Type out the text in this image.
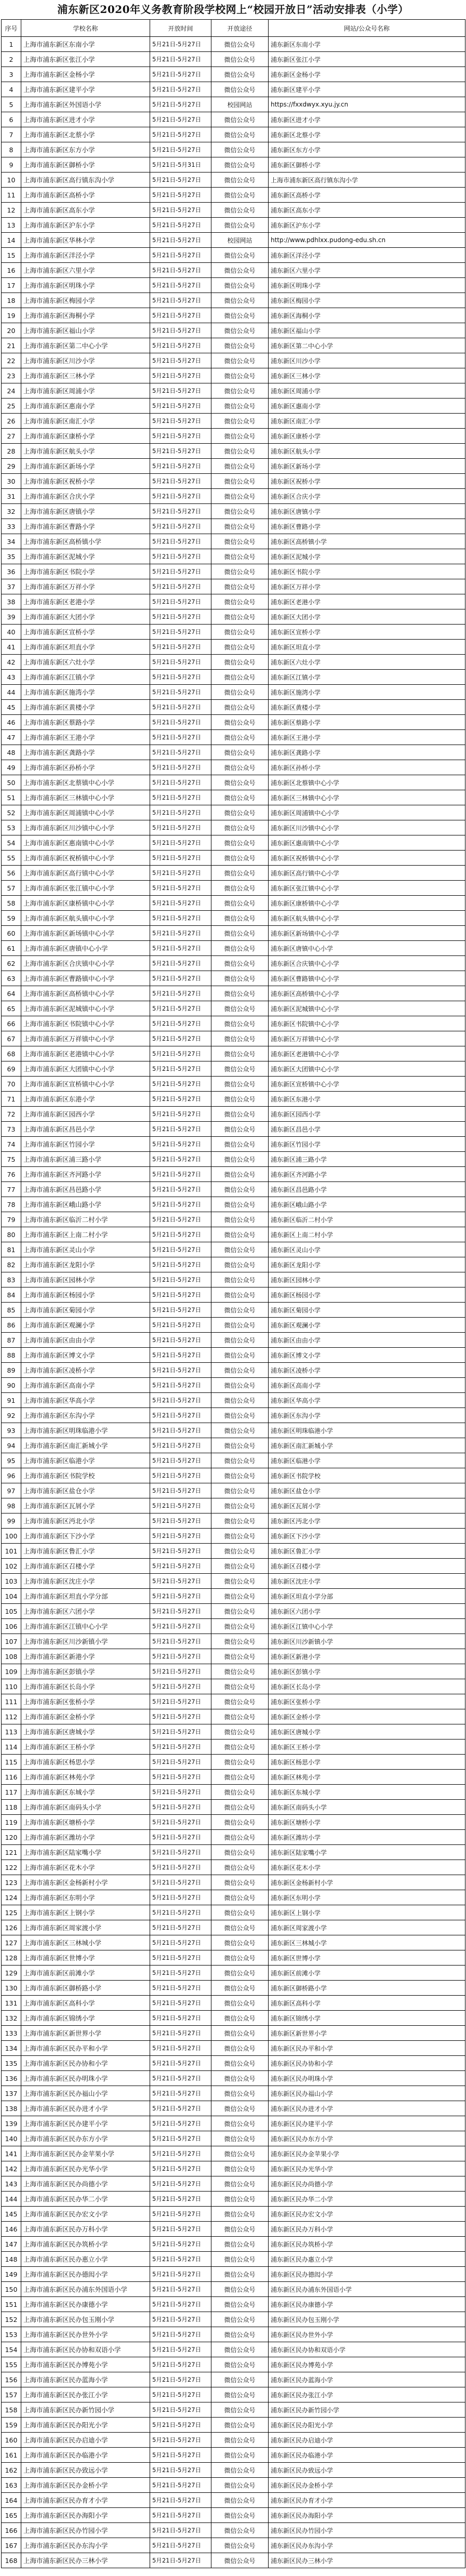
浦东新区2020年义务教育阶段学校网上“校园开放日”活动安排表（小学）
序号	学校名称	开放时间	开放途径	网站/公众号名称
1	上海市浦东新区东南小学	5月21日-5月27日	微信公众号	浦东新区东南小学
2	上海市浦东新区张江小学	5月21日-5月27日	微信公众号	浦东新区张江小学
3	上海市浦东新区金杨小学	5月21日-5月27日	微信公众号	浦东新区金杨小学
4	上海市浦东新区建平小学	5月21日-5月27日	微信公众号	浦东新区建平小学
5	上海市浦东新区外国语小学	5月21日-5月27日	校园网站	https://fxxdwyx.xyu.jy.cn
6	上海市浦东新区进才小学	5月21日-5月27日	微信公众号	浦东新区进才小学
7	上海市浦东新区北蔡小学	5月21日-5月27日	微信公众号	浦东新区北蔡小学
8	上海市浦东新区东方小学	5月21日-5月27日	微信公众号	浦东新区东方小学
9	上海市浦东新区御桥小学	5月21日-5月31日	微信公众号	浦东新区御桥小学
10	上海市浦东新区高行镇东沟小学	5月21日-5月27日	微信公众号	上海市浦东新区高行镇东沟小学
11	上海市浦东新区高桥小学	5月21日-5月27日	微信公众号	浦东新区高桥小学
12	上海市浦东新区高东小学	5月21日-5月27日	微信公众号	浦东新区高东小学
13	上海市浦东新区沪东小学	5月21日-5月27日	微信公众号	浦东新区沪东小学
14	上海市浦东新区华林小学	5月21日-5月27日	校园网站	http://www.pdhlxx.pudong-edu.sh.cn
15	上海市浦东新区洋泾小学	5月21日-5月27日	微信公众号	浦东新区洋泾小学
16	上海市浦东新区六里小学	5月21日-5月27日	微信公众号	浦东新区六里小学
17	上海市浦东新区明珠小学	5月21日-5月27日	微信公众号	浦东新区明珠小学
18	上海市浦东新区梅园小学	5月21日-5月27日	微信公众号	浦东新区梅园小学
19	上海市浦东新区海桐小学	5月21日-5月27日	微信公众号	浦东新区海桐小学
20	上海市浦东新区福山小学	5月21日-5月27日	微信公众号	浦东新区福山小学
21	上海市浦东新区第二中心小学	5月21日-5月27日	微信公众号	浦东新区第二中心小学
22	上海市浦东新区川沙小学	5月21日-5月27日	微信公众号	浦东新区川沙小学
23	上海市浦东新区三林小学	5月21日-5月27日	微信公众号	浦东新区三林小学
24	上海市浦东新区周浦小学	5月21日-5月27日	微信公众号	浦东新区周浦小学
25	上海市浦东新区惠南小学	5月21日-5月27日	微信公众号	浦东新区惠南小学
26	上海市浦东新区南汇小学	5月21日-5月27日	微信公众号	浦东新区南汇小学
27	上海市浦东新区康桥小学	5月21日-5月27日	微信公众号	浦东新区康桥小学
28	上海市浦东新区航头小学	5月21日-5月27日	微信公众号	浦东新区航头小学
29	上海市浦东新区新场小学	5月21日-5月27日	微信公众号	浦东新区新场小学
30	上海市浦东新区祝桥小学	5月21日-5月27日	微信公众号	浦东新区祝桥小学
31	上海市浦东新区合庆小学	5月21日-5月27日	微信公众号	浦东新区合庆小学
32	上海市浦东新区唐镇小学	5月21日-5月27日	微信公众号	浦东新区唐镇小学
33	上海市浦东新区曹路小学	5月21日-5月27日	微信公众号	浦东新区曹路小学
34	上海市浦东新区高桥镇小学	5月21日-5月27日	微信公众号	浦东新区高桥镇小学
35	上海市浦东新区泥城小学	5月21日-5月27日	微信公众号	浦东新区泥城小学
36	上海市浦东新区书院小学	5月21日-5月27日	微信公众号	浦东新区书院小学
37	上海市浦东新区万祥小学	5月21日-5月27日	微信公众号	浦东新区万祥小学
38	上海市浦东新区老港小学	5月21日-5月27日	微信公众号	浦东新区老港小学
39	上海市浦东新区大团小学	5月21日-5月27日	微信公众号	浦东新区大团小学
40	上海市浦东新区宣桥小学	5月21日-5月27日	微信公众号	浦东新区宣桥小学
41	上海市浦东新区坦直小学	5月21日-5月27日	微信公众号	浦东新区坦直小学
42	上海市浦东新区六灶小学	5月21日-5月27日	微信公众号	浦东新区六灶小学
43	上海市浦东新区江镇小学	5月21日-5月27日	微信公众号	浦东新区江镇小学
44	上海市浦东新区施湾小学	5月21日-5月27日	微信公众号	浦东新区施湾小学
45	上海市浦东新区黄楼小学	5月21日-5月27日	微信公众号	浦东新区黄楼小学
46	上海市浦东新区蔡路小学	5月21日-5月27日	微信公众号	浦东新区蔡路小学
47	上海市浦东新区王港小学	5月21日-5月27日	微信公众号	浦东新区王港小学
48	上海市浦东新区龚路小学	5月21日-5月27日	微信公众号	浦东新区龚路小学
49	上海市浦东新区孙桥小学	5月21日-5月27日	微信公众号	浦东新区孙桥小学
50	上海市浦东新区北蔡镇中心小学	5月21日-5月27日	微信公众号	浦东新区北蔡镇中心小学
51	上海市浦东新区三林镇中心小学	5月21日-5月27日	微信公众号	浦东新区三林镇中心小学
52	上海市浦东新区周浦镇中心小学	5月21日-5月27日	微信公众号	浦东新区周浦镇中心小学
53	上海市浦东新区川沙镇中心小学	5月21日-5月27日	微信公众号	浦东新区川沙镇中心小学
54	上海市浦东新区惠南镇中心小学	5月21日-5月27日	微信公众号	浦东新区惠南镇中心小学
55	上海市浦东新区祝桥镇中心小学	5月21日-5月27日	微信公众号	浦东新区祝桥镇中心小学
56	上海市浦东新区高行镇中心小学	5月21日-5月27日	微信公众号	浦东新区高行镇中心小学
57	上海市浦东新区张江镇中心小学	5月21日-5月27日	微信公众号	浦东新区张江镇中心小学
58	上海市浦东新区康桥镇中心小学	5月21日-5月27日	微信公众号	浦东新区康桥镇中心小学
59	上海市浦东新区航头镇中心小学	5月21日-5月27日	微信公众号	浦东新区航头镇中心小学
60	上海市浦东新区新场镇中心小学	5月21日-5月27日	微信公众号	浦东新区新场镇中心小学
61	上海市浦东新区唐镇中心小学	5月21日-5月27日	微信公众号	浦东新区唐镇中心小学
62	上海市浦东新区合庆镇中心小学	5月21日-5月27日	微信公众号	浦东新区合庆镇中心小学
63	上海市浦东新区曹路镇中心小学	5月21日-5月27日	微信公众号	浦东新区曹路镇中心小学
64	上海市浦东新区高桥镇中心小学	5月21日-5月27日	微信公众号	浦东新区高桥镇中心小学
65	上海市浦东新区泥城镇中心小学	5月21日-5月27日	微信公众号	浦东新区泥城镇中心小学
66	上海市浦东新区书院镇中心小学	5月21日-5月27日	微信公众号	浦东新区书院镇中心小学
67	上海市浦东新区万祥镇中心小学	5月21日-5月27日	微信公众号	浦东新区万祥镇中心小学
68	上海市浦东新区老港镇中心小学	5月21日-5月27日	微信公众号	浦东新区老港镇中心小学
69	上海市浦东新区大团镇中心小学	5月21日-5月27日	微信公众号	浦东新区大团镇中心小学
70	上海市浦东新区宣桥镇中心小学	5月21日-5月27日	微信公众号	浦东新区宣桥镇中心小学
71	上海市浦东新区东港小学	5月21日-5月27日	微信公众号	浦东新区东港小学
72	上海市浦东新区园西小学	5月21日-5月27日	微信公众号	浦东新区园西小学
73	上海市浦东新区昌邑小学	5月21日-5月27日	微信公众号	浦东新区昌邑小学
74	上海市浦东新区竹园小学	5月21日-5月27日	微信公众号	浦东新区竹园小学
75	上海市浦东新区浦三路小学	5月21日-5月27日	微信公众号	浦东新区浦三路小学
76	上海市浦东新区齐河路小学	5月21日-5月27日	微信公众号	浦东新区齐河路小学
77	上海市浦东新区昌邑路小学	5月21日-5月27日	微信公众号	浦东新区昌邑路小学
78	上海市浦东新区峨山路小学	5月21日-5月27日	微信公众号	浦东新区峨山路小学
79	上海市浦东新区临沂二村小学	5月21日-5月27日	微信公众号	浦东新区临沂二村小学
80	上海市浦东新区上南二村小学	5月21日-5月27日	微信公众号	浦东新区上南二村小学
81	上海市浦东新区灵山小学	5月21日-5月27日	微信公众号	浦东新区灵山小学
82	上海市浦东新区龙阳小学	5月21日-5月27日	微信公众号	浦东新区龙阳小学
83	上海市浦东新区园林小学	5月21日-5月27日	微信公众号	浦东新区园林小学
84	上海市浦东新区杨园小学	5月21日-5月27日	微信公众号	浦东新区杨园小学
85	上海市浦东新区菊园小学	5月21日-5月27日	微信公众号	浦东新区菊园小学
86	上海市浦东新区观澜小学	5月21日-5月27日	微信公众号	浦东新区观澜小学
87	上海市浦东新区由由小学	5月21日-5月27日	微信公众号	浦东新区由由小学
88	上海市浦东新区博文小学	5月21日-5月27日	微信公众号	浦东新区博文小学
89	上海市浦东新区凌桥小学	5月21日-5月27日	微信公众号	浦东新区凌桥小学
90	上海市浦东新区高南小学	5月21日-5月27日	微信公众号	浦东新区高南小学
91	上海市浦东新区华高小学	5月21日-5月27日	微信公众号	浦东新区华高小学
92	上海市浦东新区东沟小学	5月21日-5月27日	微信公众号	浦东新区东沟小学
93	上海市浦东新区明珠临港小学	5月21日-5月27日	微信公众号	浦东新区明珠临港小学
94	上海市浦东新区南汇新城小学	5月21日-5月27日	微信公众号	浦东新区南汇新城小学
95	上海市浦东新区临港小学	5月21日-5月27日	微信公众号	浦东新区临港小学
96	上海市浦东新区书院学校	5月21日-5月27日	微信公众号	浦东新区书院学校
97	上海市浦东新区盐仓小学	5月21日-5月27日	微信公众号	浦东新区盐仓小学
98	上海市浦东新区瓦屑小学	5月21日-5月27日	微信公众号	浦东新区瓦屑小学
99	上海市浦东新区沔北小学	5月21日-5月27日	微信公众号	浦东新区沔北小学
100	上海市浦东新区下沙小学	5月21日-5月27日	微信公众号	浦东新区下沙小学
101	上海市浦东新区鲁汇小学	5月21日-5月27日	微信公众号	浦东新区鲁汇小学
102	上海市浦东新区召楼小学	5月21日-5月27日	微信公众号	浦东新区召楼小学
103	上海市浦东新区沈庄小学	5月21日-5月27日	微信公众号	浦东新区沈庄小学
104	上海市浦东新区坦直小学分部	5月21日-5月27日	微信公众号	浦东新区坦直小学分部
105	上海市浦东新区六团小学	5月21日-5月27日	微信公众号	浦东新区六团小学
106	上海市浦东新区江镇中心小学	5月21日-5月27日	微信公众号	浦东新区江镇中心小学
107	上海市浦东新区川沙新镇小学	5月21日-5月27日	微信公众号	浦东新区川沙新镇小学
108	上海市浦东新区新港小学	5月21日-5月27日	微信公众号	浦东新区新港小学
109	上海市浦东新区彭镇小学	5月21日-5月27日	微信公众号	浦东新区彭镇小学
110	上海市浦东新区长岛小学	5月21日-5月27日	微信公众号	浦东新区长岛小学
111	上海市浦东新区张桥小学	5月21日-5月27日	微信公众号	浦东新区张桥小学
112	上海市浦东新区金桥小学	5月21日-5月27日	微信公众号	浦东新区金桥小学
113	上海市浦东新区唐城小学	5月21日-5月27日	微信公众号	浦东新区唐城小学
114	上海市浦东新区王桥小学	5月21日-5月27日	微信公众号	浦东新区王桥小学
115	上海市浦东新区杨思小学	5月21日-5月27日	微信公众号	浦东新区杨思小学
116	上海市浦东新区林苑小学	5月21日-5月27日	微信公众号	浦东新区林苑小学
117	上海市浦东新区东城小学	5月21日-5月27日	微信公众号	浦东新区东城小学
118	上海市浦东新区南码头小学	5月21日-5月27日	微信公众号	浦东新区南码头小学
119	上海市浦东新区塘桥小学	5月21日-5月27日	微信公众号	浦东新区塘桥小学
120	上海市浦东新区潍坊小学	5月21日-5月27日	微信公众号	浦东新区潍坊小学
121	上海市浦东新区陆家嘴小学	5月21日-5月27日	微信公众号	浦东新区陆家嘴小学
122	上海市浦东新区花木小学	5月21日-5月27日	微信公众号	浦东新区花木小学
123	上海市浦东新区金杨新村小学	5月21日-5月27日	微信公众号	浦东新区金杨新村小学
124	上海市浦东新区东明小学	5月21日-5月27日	微信公众号	浦东新区东明小学
125	上海市浦东新区上钢小学	5月21日-5月27日	微信公众号	浦东新区上钢小学
126	上海市浦东新区周家渡小学	5月21日-5月27日	微信公众号	浦东新区周家渡小学
127	上海市浦东新区三林城小学	5月21日-5月27日	微信公众号	浦东新区三林城小学
128	上海市浦东新区世博小学	5月21日-5月27日	微信公众号	浦东新区世博小学
129	上海市浦东新区前滩小学	5月21日-5月27日	微信公众号	浦东新区前滩小学
130	上海市浦东新区御桥路小学	5月21日-5月27日	微信公众号	浦东新区御桥路小学
131	上海市浦东新区高科小学	5月21日-5月27日	微信公众号	浦东新区高科小学
132	上海市浦东新区锦绣小学	5月21日-5月27日	微信公众号	浦东新区锦绣小学
133	上海市浦东新区新世界小学	5月21日-5月27日	微信公众号	浦东新区新世界小学
134	上海市浦东新区民办平和小学	5月21日-5月27日	微信公众号	浦东新区民办平和小学
135	上海市浦东新区民办协和小学	5月21日-5月27日	微信公众号	浦东新区民办协和小学
136	上海市浦东新区民办明珠小学	5月21日-5月27日	微信公众号	浦东新区民办明珠小学
137	上海市浦东新区民办福山小学	5月21日-5月27日	微信公众号	浦东新区民办福山小学
138	上海市浦东新区民办进才小学	5月21日-5月27日	微信公众号	浦东新区民办进才小学
139	上海市浦东新区民办建平小学	5月21日-5月27日	微信公众号	浦东新区民办建平小学
140	上海市浦东新区民办东方小学	5月21日-5月27日	微信公众号	浦东新区民办东方小学
141	上海市浦东新区民办金苹果小学	5月21日-5月27日	微信公众号	浦东新区民办金苹果小学
142	上海市浦东新区民办光华小学	5月21日-5月27日	微信公众号	浦东新区民办光华小学
143	上海市浦东新区民办尚德小学	5月21日-5月27日	微信公众号	浦东新区民办尚德小学
144	上海市浦东新区民办华二小学	5月21日-5月27日	微信公众号	浦东新区民办华二小学
145	上海市浦东新区民办宏文小学	5月21日-5月27日	微信公众号	浦东新区民办宏文小学
146	上海市浦东新区民办万科小学	5月21日-5月27日	微信公众号	浦东新区民办万科小学
147	上海市浦东新区民办筑桥小学	5月21日-5月27日	微信公众号	浦东新区民办筑桥小学
148	上海市浦东新区民办惠立小学	5月21日-5月27日	微信公众号	浦东新区民办惠立小学
149	上海市浦东新区民办德闳小学	5月21日-5月27日	微信公众号	浦东新区民办德闳小学
150	上海市浦东新区民办浦东外国语小学	5月21日-5月27日	微信公众号	浦东新区民办浦东外国语小学
151	上海市浦东新区民办康德小学	5月21日-5月27日	微信公众号	浦东新区民办康德小学
152	上海市浦东新区民办包玉刚小学	5月21日-5月27日	微信公众号	浦东新区民办包玉刚小学
153	上海市浦东新区民办世外小学	5月21日-5月27日	微信公众号	浦东新区民办世外小学
154	上海市浦东新区民办协和双语小学	5月21日-5月27日	微信公众号	浦东新区民办协和双语小学
155	上海市浦东新区民办博苑小学	5月21日-5月27日	微信公众号	浦东新区民办博苑小学
156	上海市浦东新区民办蓝海小学	5月21日-5月27日	微信公众号	浦东新区民办蓝海小学
157	上海市浦东新区民办张江小学	5月21日-5月27日	微信公众号	浦东新区民办张江小学
158	上海市浦东新区民办新竹园小学	5月21日-5月27日	微信公众号	浦东新区民办新竹园小学
159	上海市浦东新区民办阳光小学	5月21日-5月27日	微信公众号	浦东新区民办阳光小学
160	上海市浦东新区民办启迪小学	5月21日-5月27日	微信公众号	浦东新区民办启迪小学
161	上海市浦东新区民办临港小学	5月21日-5月27日	微信公众号	浦东新区民办临港小学
162	上海市浦东新区民办致远小学	5月21日-5月27日	微信公众号	浦东新区民办致远小学
163	上海市浦东新区民办金桥小学	5月21日-5月27日	微信公众号	浦东新区民办金桥小学
164	上海市浦东新区民办育才小学	5月21日-5月27日	微信公众号	浦东新区民办育才小学
165	上海市浦东新区民办海阳小学	5月21日-5月27日	微信公众号	浦东新区民办海阳小学
166	上海市浦东新区民办竹园小学	5月21日-5月27日	微信公众号	浦东新区民办竹园小学
167	上海市浦东新区民办东沟小学	5月21日-5月27日	微信公众号	浦东新区民办东沟小学
168	上海市浦东新区民办三林小学	5月21日-5月27日	微信公众号	浦东新区民办三林小学
